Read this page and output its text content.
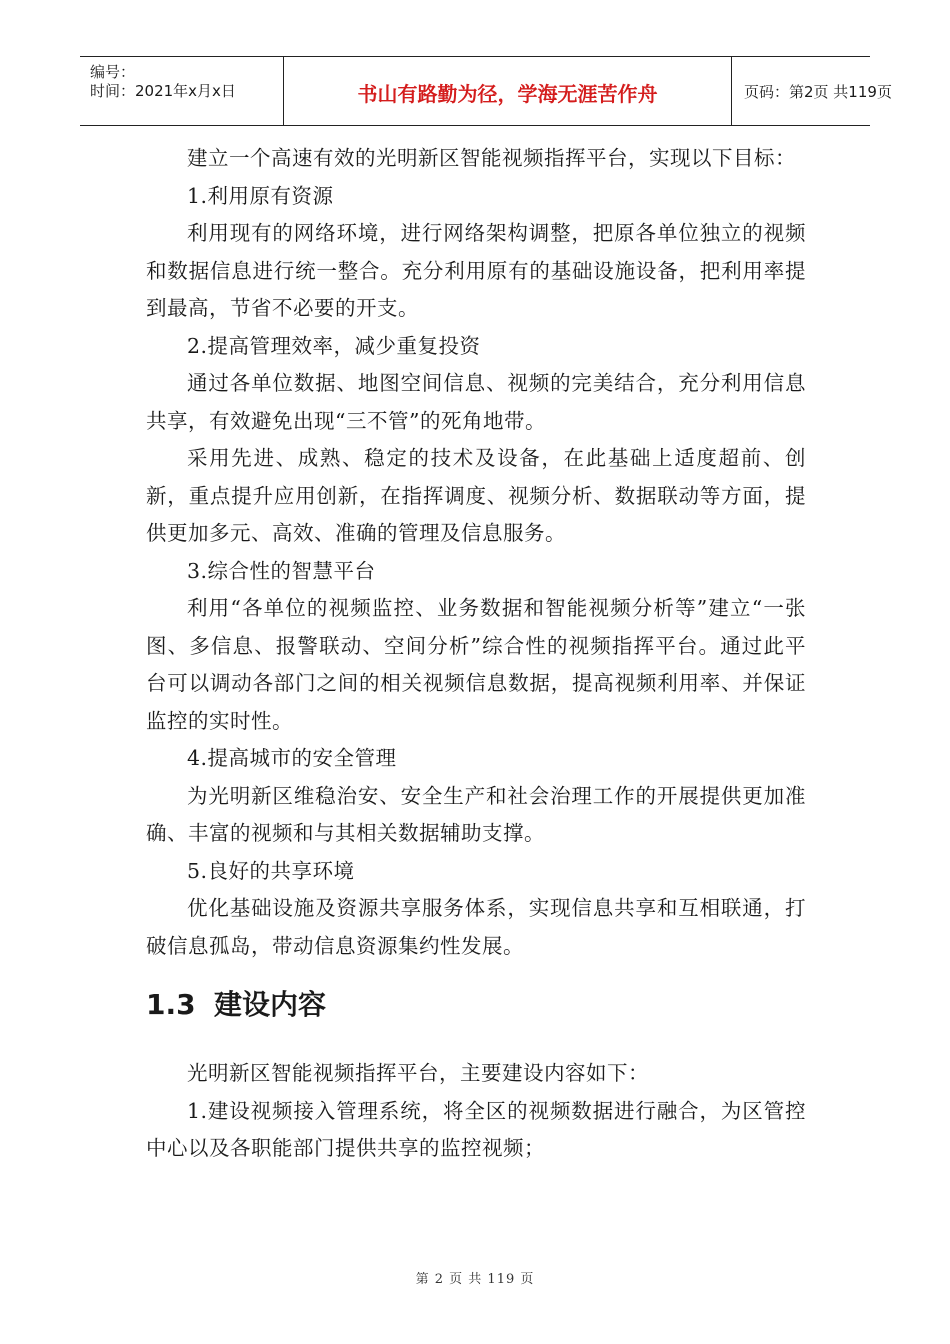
编号：
时间：2021年x月x日	书山有路勤为径，学海无涯苦作舟	页码：第2页 共119页

建立一个高速有效的光明新区智能视频指挥平台，实现以下目标：

1.利用原有资源

利用现有的网络环境，进行网络架构调整，把原各单位独立的视频和数据信息进行统一整合。充分利用原有的基础设施设备，把利用率提到最高，节省不必要的开支。

2.提高管理效率，减少重复投资

通过各单位数据、地图空间信息、视频的完美结合，充分利用信息共享，有效避免出现“三不管”的死角地带。

采用先进、成熟、稳定的技术及设备，在此基础上适度超前、创新，重点提升应用创新，在指挥调度、视频分析、数据联动等方面，提供更加多元、高效、准确的管理及信息服务。

3.综合性的智慧平台

利用“各单位的视频监控、业务数据和智能视频分析等”建立“一张图、多信息、报警联动、空间分析”综合性的视频指挥平台。通过此平台可以调动各部门之间的相关视频信息数据，提高视频利用率、并保证监控的实时性。

4.提高城市的安全管理

为光明新区维稳治安、安全生产和社会治理工作的开展提供更加准确、丰富的视频和与其相关数据辅助支撑。

5.良好的共享环境

优化基础设施及资源共享服务体系，实现信息共享和互相联通，打破信息孤岛，带动信息资源集约性发展。

1.3 建设内容

光明新区智能视频指挥平台，主要建设内容如下：

1.建设视频接入管理系统，将全区的视频数据进行融合，为区管控中心以及各职能部门提供共享的监控视频；

第 2 页 共 119 页
